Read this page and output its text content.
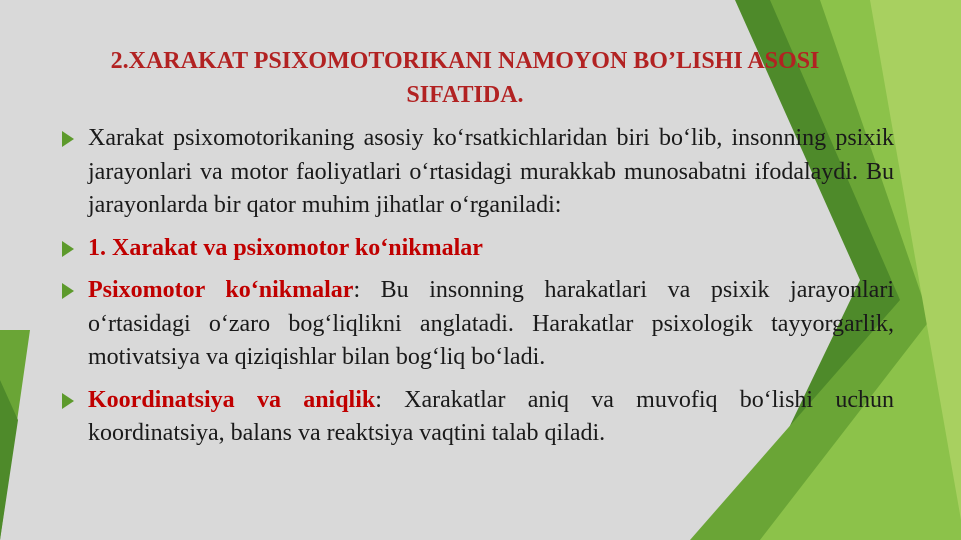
2.XARAKAT PSIXOMOTORIKANI NAMOYON BO’LISHI ASOSI
SIFATIDA.
Xarakat psixomotorikaning asosiy ko‘rsatkichlaridan biri bo‘lib, insonning psixik jarayonlari va motor faoliyatlari o‘rtasidagi murakkab munosabatni ifodalaydi. Bu jarayonlarda bir qator muhim jihatlar o‘rganiladi:
1. Xarakat va psixomotor ko‘nikmalar
Psixomotor ko‘nikmalar: Bu insonning harakatlari va psixik jarayonlari o‘rtasidagi o‘zaro bog‘liqlikni anglatadi. Harakatlar psixologik tayyorgarlik, motivatsiya va qiziqishlar bilan bog‘liq bo‘ladi.
Koordinatsiya va aniqlik: Xarakatlar aniq va muvofiq bo‘lishi uchun koordinatsiya, balans va reaktsiya vaqtini talab qiladi.
